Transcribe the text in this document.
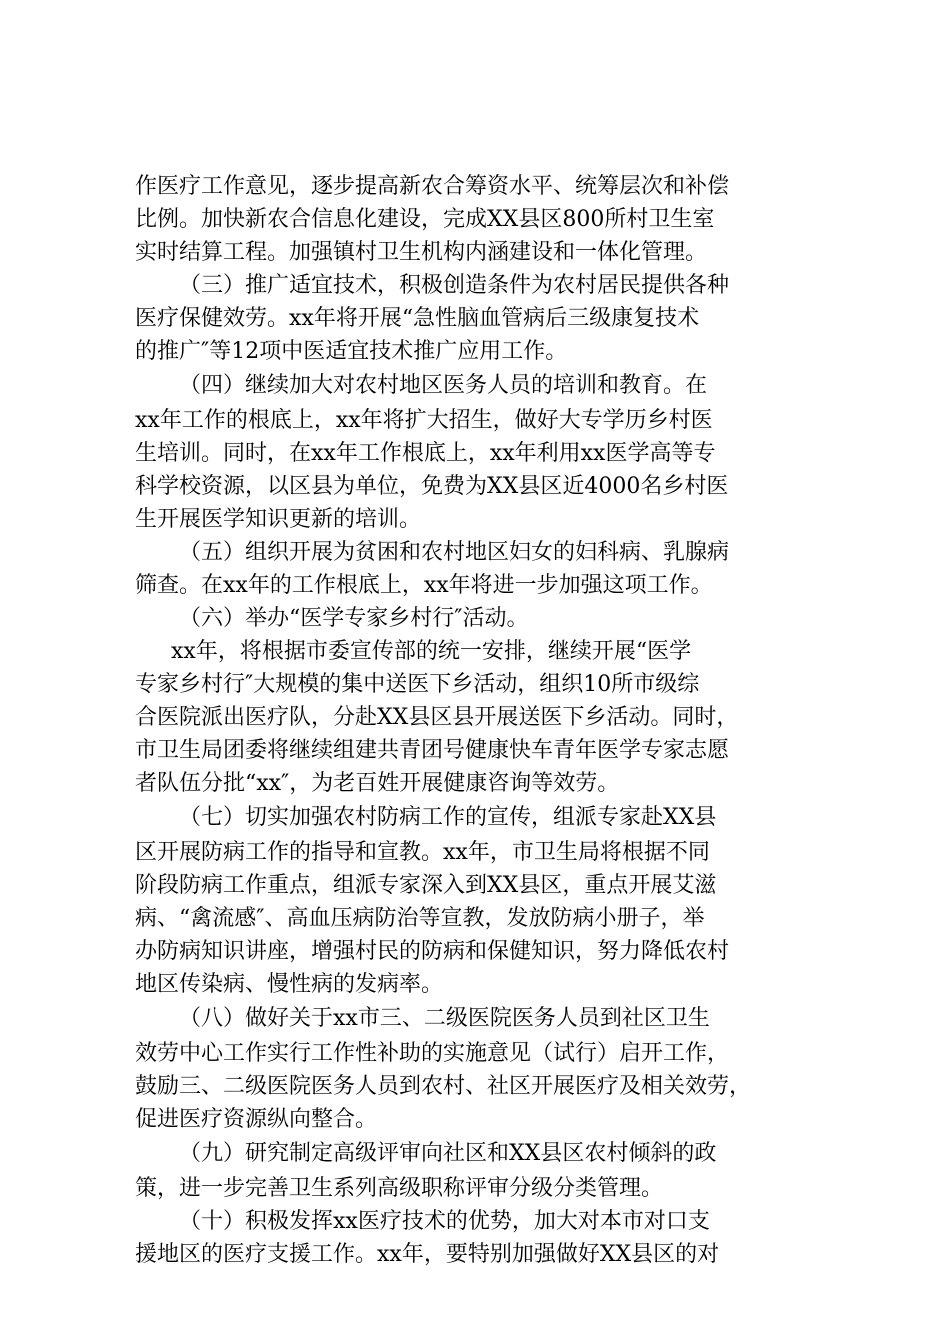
作医疗工作意见，逐步提高新农合筹资水平、统筹层次和补偿
比例。加快新农合信息化建设，完成XX县区800所村卫生室
实时结算工程。加强镇村卫生机构内涵建设和一体化管理。
（三）推广适宜技术，积极创造条件为农村居民提供各种
医疗保健效劳。xx年将开展“急性脑血管病后三级康复技术
的推广″等12项中医适宜技术推广应用工作。
（四）继续加大对农村地区医务人员的培训和教育。在
xx年工作的根底上，xx年将扩大招生，做好大专学历乡村医
生培训。同时，在xx年工作根底上，xx年利用xx医学高等专
科学校资源，以区县为单位，免费为XX县区近4000名乡村医
生开展医学知识更新的培训。
（五）组织开展为贫困和农村地区妇女的妇科病、乳腺病
筛查。在xx年的工作根底上，xx年将进一步加强这项工作。
（六）举办“医学专家乡村行″活动。
xx年，将根据市委宣传部的统一安排，继续开展“医学
专家乡村行″大规模的集中送医下乡活动，组织10所市级综
合医院派出医疗队，分赴XX县区县开展送医下乡活动。同时，
市卫生局团委将继续组建共青团号健康快车青年医学专家志愿
者队伍分批“xx″，为老百姓开展健康咨询等效劳。
（七）切实加强农村防病工作的宣传，组派专家赴XX县
区开展防病工作的指导和宣教。xx年，市卫生局将根据不同
阶段防病工作重点，组派专家深入到XX县区，重点开展艾滋
病、“禽流感″、高血压病防治等宣教，发放防病小册子，举
办防病知识讲座，增强村民的防病和保健知识，努力降低农村
地区传染病、慢性病的发病率。
（八）做好关于xx市三、二级医院医务人员到社区卫生
效劳中心工作实行工作性补助的实施意见（试行）启开工作，
鼓励三、二级医院医务人员到农村、社区开展医疗及相关效劳，
促进医疗资源纵向整合。
（九）研究制定高级评审向社区和XX县区农村倾斜的政
策，进一步完善卫生系列高级职称评审分级分类管理。
（十）积极发挥xx医疗技术的优势，加大对本市对口支
援地区的医疗支援工作。xx年，要特别加强做好XX县区的对
